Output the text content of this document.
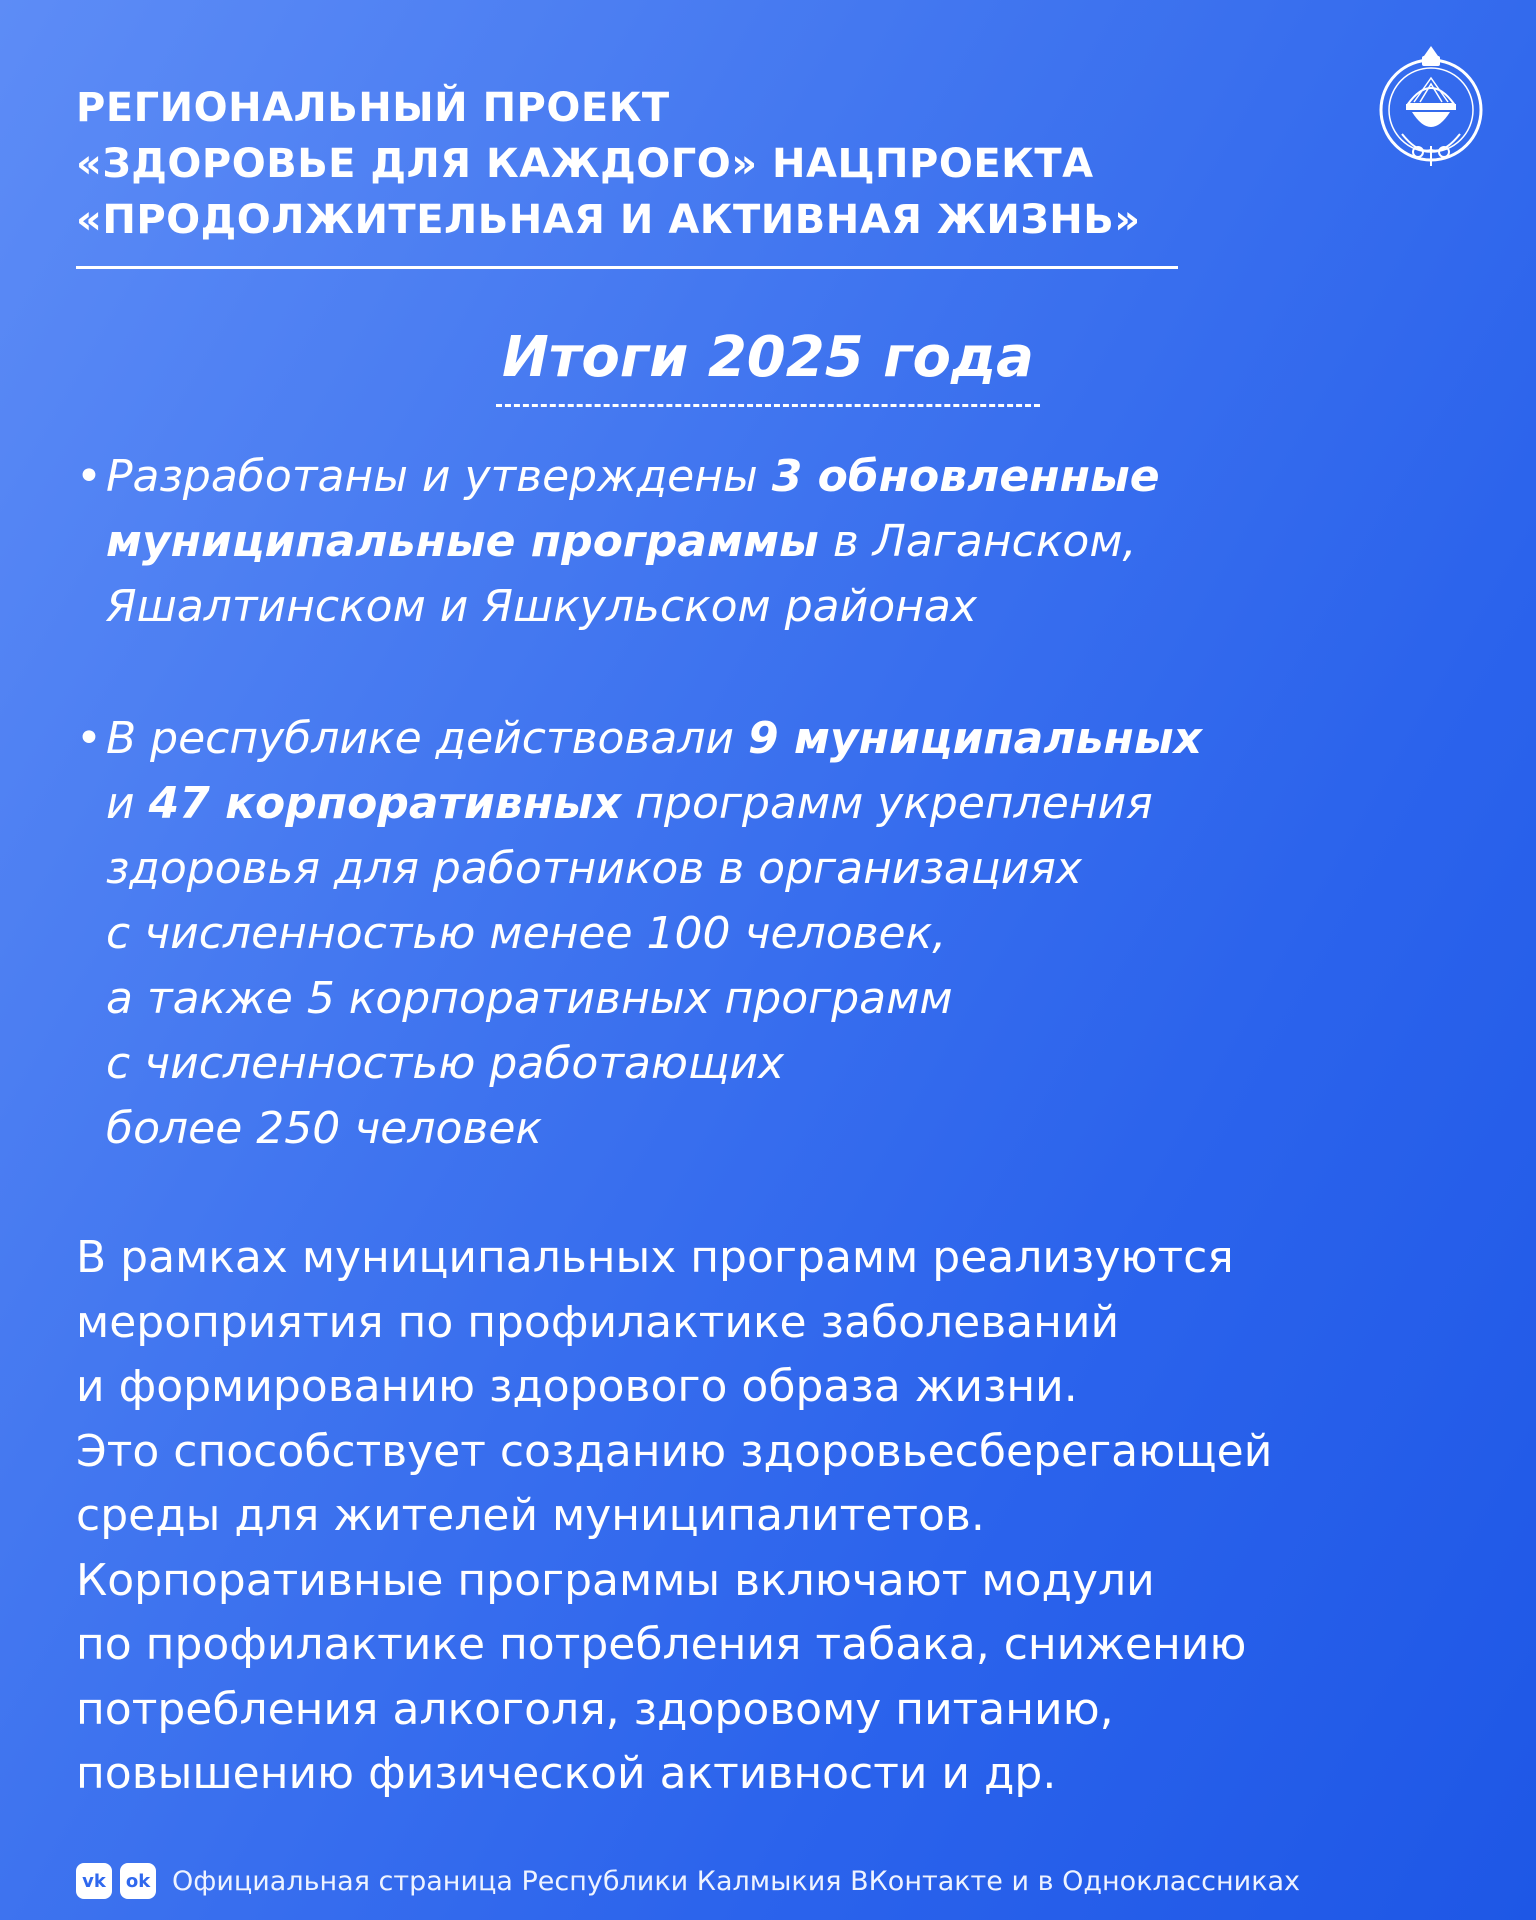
РЕГИОНАЛЬНЫЙ ПРОЕКТ
«ЗДОРОВЬЕ ДЛЯ КАЖДОГО» НАЦПРОЕКТА
«ПРОДОЛЖИТЕЛЬНАЯ И АКТИВНАЯ ЖИЗНЬ»
Итоги 2025 года
• Разработаны и утверждены 3 обновленные
муниципальные программы в Лаганском,
Яшалтинском и Яшкульском районах
• В республике действовали 9 муниципальных
и 47 корпоративных программ укрепления
здоровья для работников в организациях
с численностью менее 100 человек,
а также 5 корпоративных программ
с численностью работающих
более 250 человек
В рамках муниципальных программ реализуются
мероприятия по профилактике заболеваний
и формированию здорового образа жизни.
Это способствует созданию здоровьесберегающей
среды для жителей муниципалитетов.
Корпоративные программы включают модули
по профилактике потребления табака, снижению
потребления алкоголя, здоровому питанию,
повышению физической активности и др.
vk	ok Официальная страница Республики Калмыкия ВКонтакте и в Одноклассниках
